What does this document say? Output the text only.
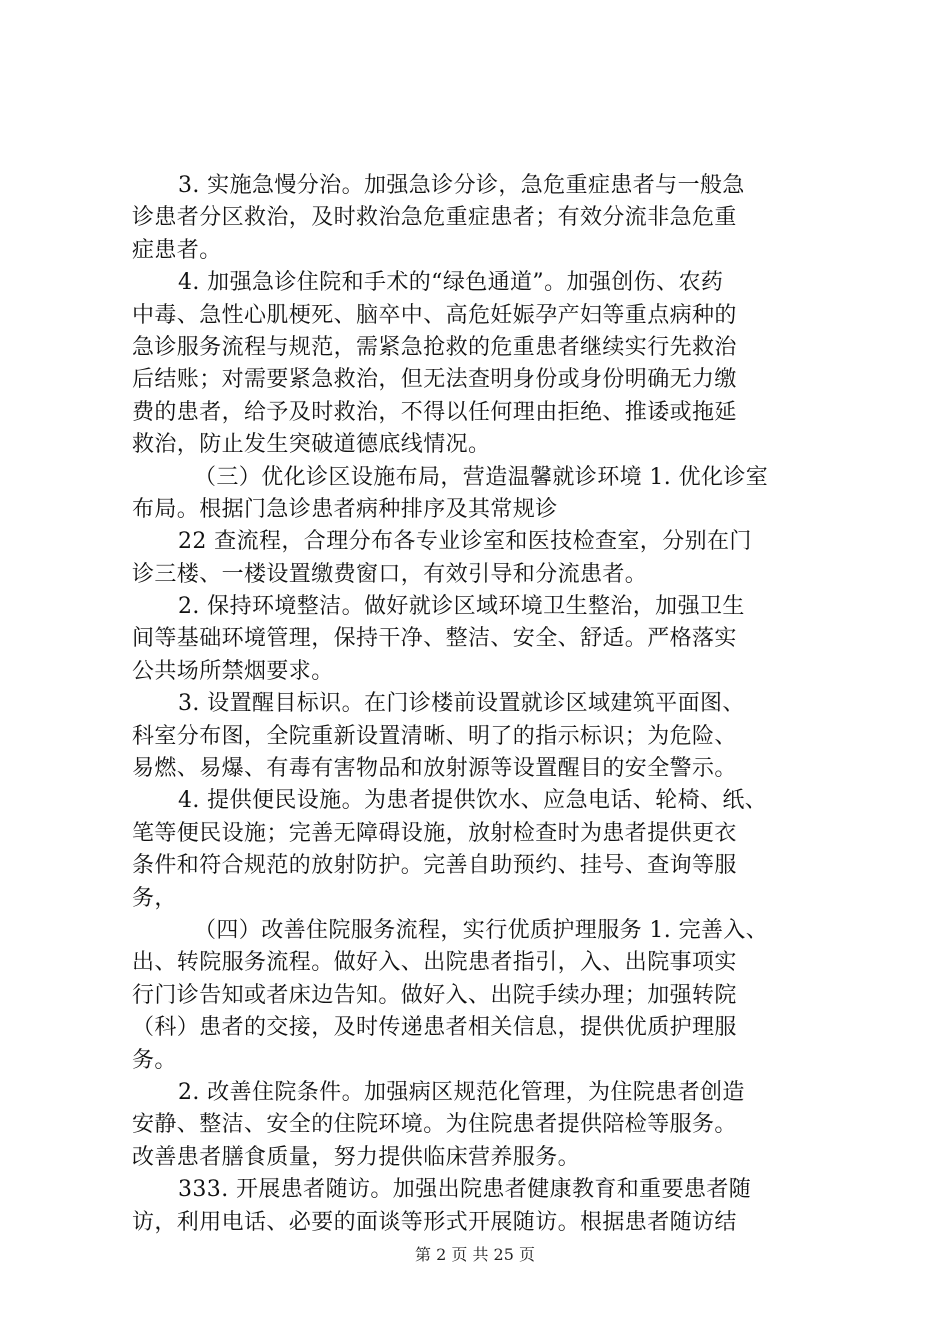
3. 实施急慢分治。加强急诊分诊，急危重症患者与一般急
诊患者分区救治，及时救治急危重症患者；有效分流非急危重
症患者。
4. 加强急诊住院和手术的“绿色通道”。加强创伤、农药
中毒、急性心肌梗死、脑卒中、高危妊娠孕产妇等重点病种的
急诊服务流程与规范，需紧急抢救的危重患者继续实行先救治
后结账；对需要紧急救治，但无法查明身份或身份明确无力缴
费的患者，给予及时救治，不得以任何理由拒绝、推诿或拖延
救治，防止发生突破道德底线情况。
（三）优化诊区设施布局，营造温馨就诊环境 1. 优化诊室
布局。根据门急诊患者病种排序及其常规诊
22 查流程，合理分布各专业诊室和医技检查室，分别在门
诊三楼、一楼设置缴费窗口，有效引导和分流患者。
2. 保持环境整洁。做好就诊区域环境卫生整治，加强卫生
间等基础环境管理，保持干净、整洁、安全、舒适。严格落实
公共场所禁烟要求。
3. 设置醒目标识。在门诊楼前设置就诊区域建筑平面图、
科室分布图，全院重新设置清晰、明了的指示标识；为危险、
易燃、易爆、有毒有害物品和放射源等设置醒目的安全警示。
4. 提供便民设施。为患者提供饮水、应急电话、轮椅、纸、
笔等便民设施；完善无障碍设施，放射检查时为患者提供更衣
条件和符合规范的放射防护。完善自助预约、挂号、查询等服
务，
（四）改善住院服务流程，实行优质护理服务 1. 完善入、
出、转院服务流程。做好入、出院患者指引，入、出院事项实
行门诊告知或者床边告知。做好入、出院手续办理；加强转院
（科）患者的交接，及时传递患者相关信息，提供优质护理服
务。
2. 改善住院条件。加强病区规范化管理，为住院患者创造
安静、整洁、安全的住院环境。为住院患者提供陪检等服务。
改善患者膳食质量，努力提供临床营养服务。
333. 开展患者随访。加强出院患者健康教育和重要患者随
访，利用电话、必要的面谈等形式开展随访。根据患者随访结
第 2 页 共 25 页
